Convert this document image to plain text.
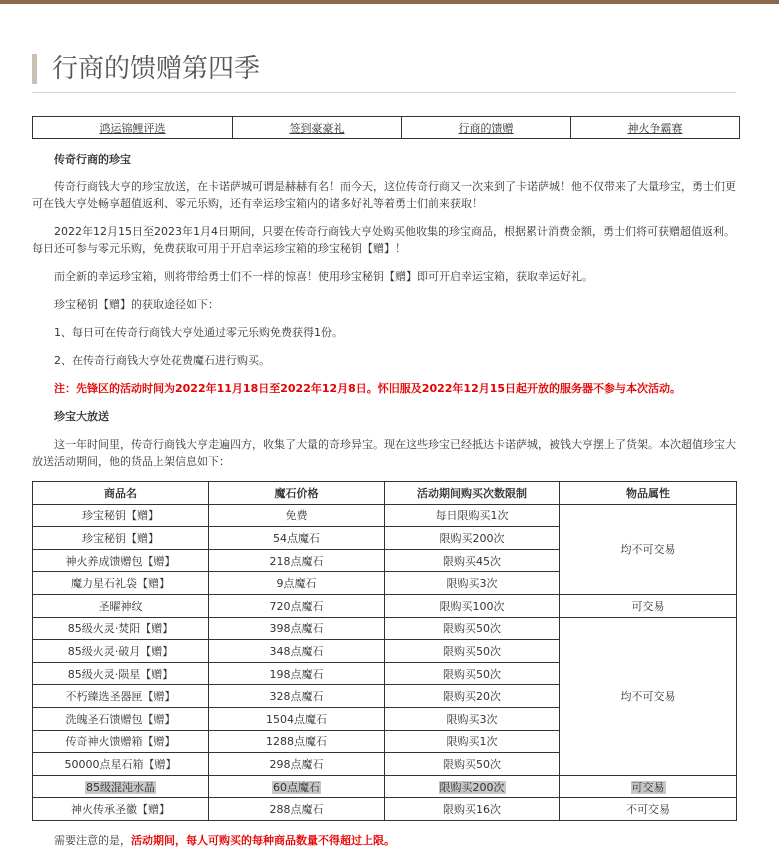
行商的馈赠第四季
鸿运锦鲤评选	签到豪豪礼	行商的馈赠	神火争霸赛

传奇行商的珍宝

传奇行商钱大亨的珍宝放送，在卡诺萨城可谓是赫赫有名！而今天，这位传奇行商又一次来到了卡诺萨城！他不仅带来了大量珍宝，勇士们更可在钱大亨处畅享超值返利、零元乐购，还有幸运珍宝箱内的诸多好礼等着勇士们前来获取！

2022年12月15日至2023年1月4日期间，只要在传奇行商钱大亨处购买他收集的珍宝商品，根据累计消费金额，勇士们将可获赠超值返利。每日还可参与零元乐购，免费获取可用于开启幸运珍宝箱的珍宝秘钥【赠】！

而全新的幸运珍宝箱，则将带给勇士们不一样的惊喜！使用珍宝秘钥【赠】即可开启幸运宝箱，获取幸运好礼。

珍宝秘钥【赠】的获取途径如下：

1、每日可在传奇行商钱大亨处通过零元乐购免费获得1份。

2、在传奇行商钱大亨处花费魔石进行购买。

注：先锋区的活动时间为2022年11月18日至2022年12月8日。怀旧服及2022年12月15日起开放的服务器不参与本次活动。

珍宝大放送

这一年时间里，传奇行商钱大亨走遍四方，收集了大量的奇珍异宝。现在这些珍宝已经抵达卡诺萨城，被钱大亨摆上了货架。本次超值珍宝大放送活动期间，他的货品上架信息如下：

商品名	魔石价格	活动期间购买次数限制	物品属性
珍宝秘钥【赠】	免费	每日限购买1次	均不可交易
珍宝秘钥【赠】	54点魔石	限购买200次	
神火养成馈赠包【赠】	218点魔石	限购买45次	
魔力星石礼袋【赠】	9点魔石	限购买3次	
圣曜神纹	720点魔石	限购买100次	可交易
85级火灵·焚阳【赠】	398点魔石	限购买50次	均不可交易
85级火灵·破月【赠】	348点魔石	限购买50次	
85级火灵·陨星【赠】	198点魔石	限购买50次	
不朽臻选圣器匣【赠】	328点魔石	限购买20次	
洗魄圣石馈赠包【赠】	1504点魔石	限购买3次	
传奇神火馈赠箱【赠】	1288点魔石	限购买1次	
50000点星石箱【赠】	298点魔石	限购买50次	
85级混沌水晶	60点魔石	限购买200次	可交易
神火传承圣徽【赠】	288点魔石	限购买16次	不可交易

需要注意的是，活动期间，每人可购买的每种商品数量不得超过上限。
